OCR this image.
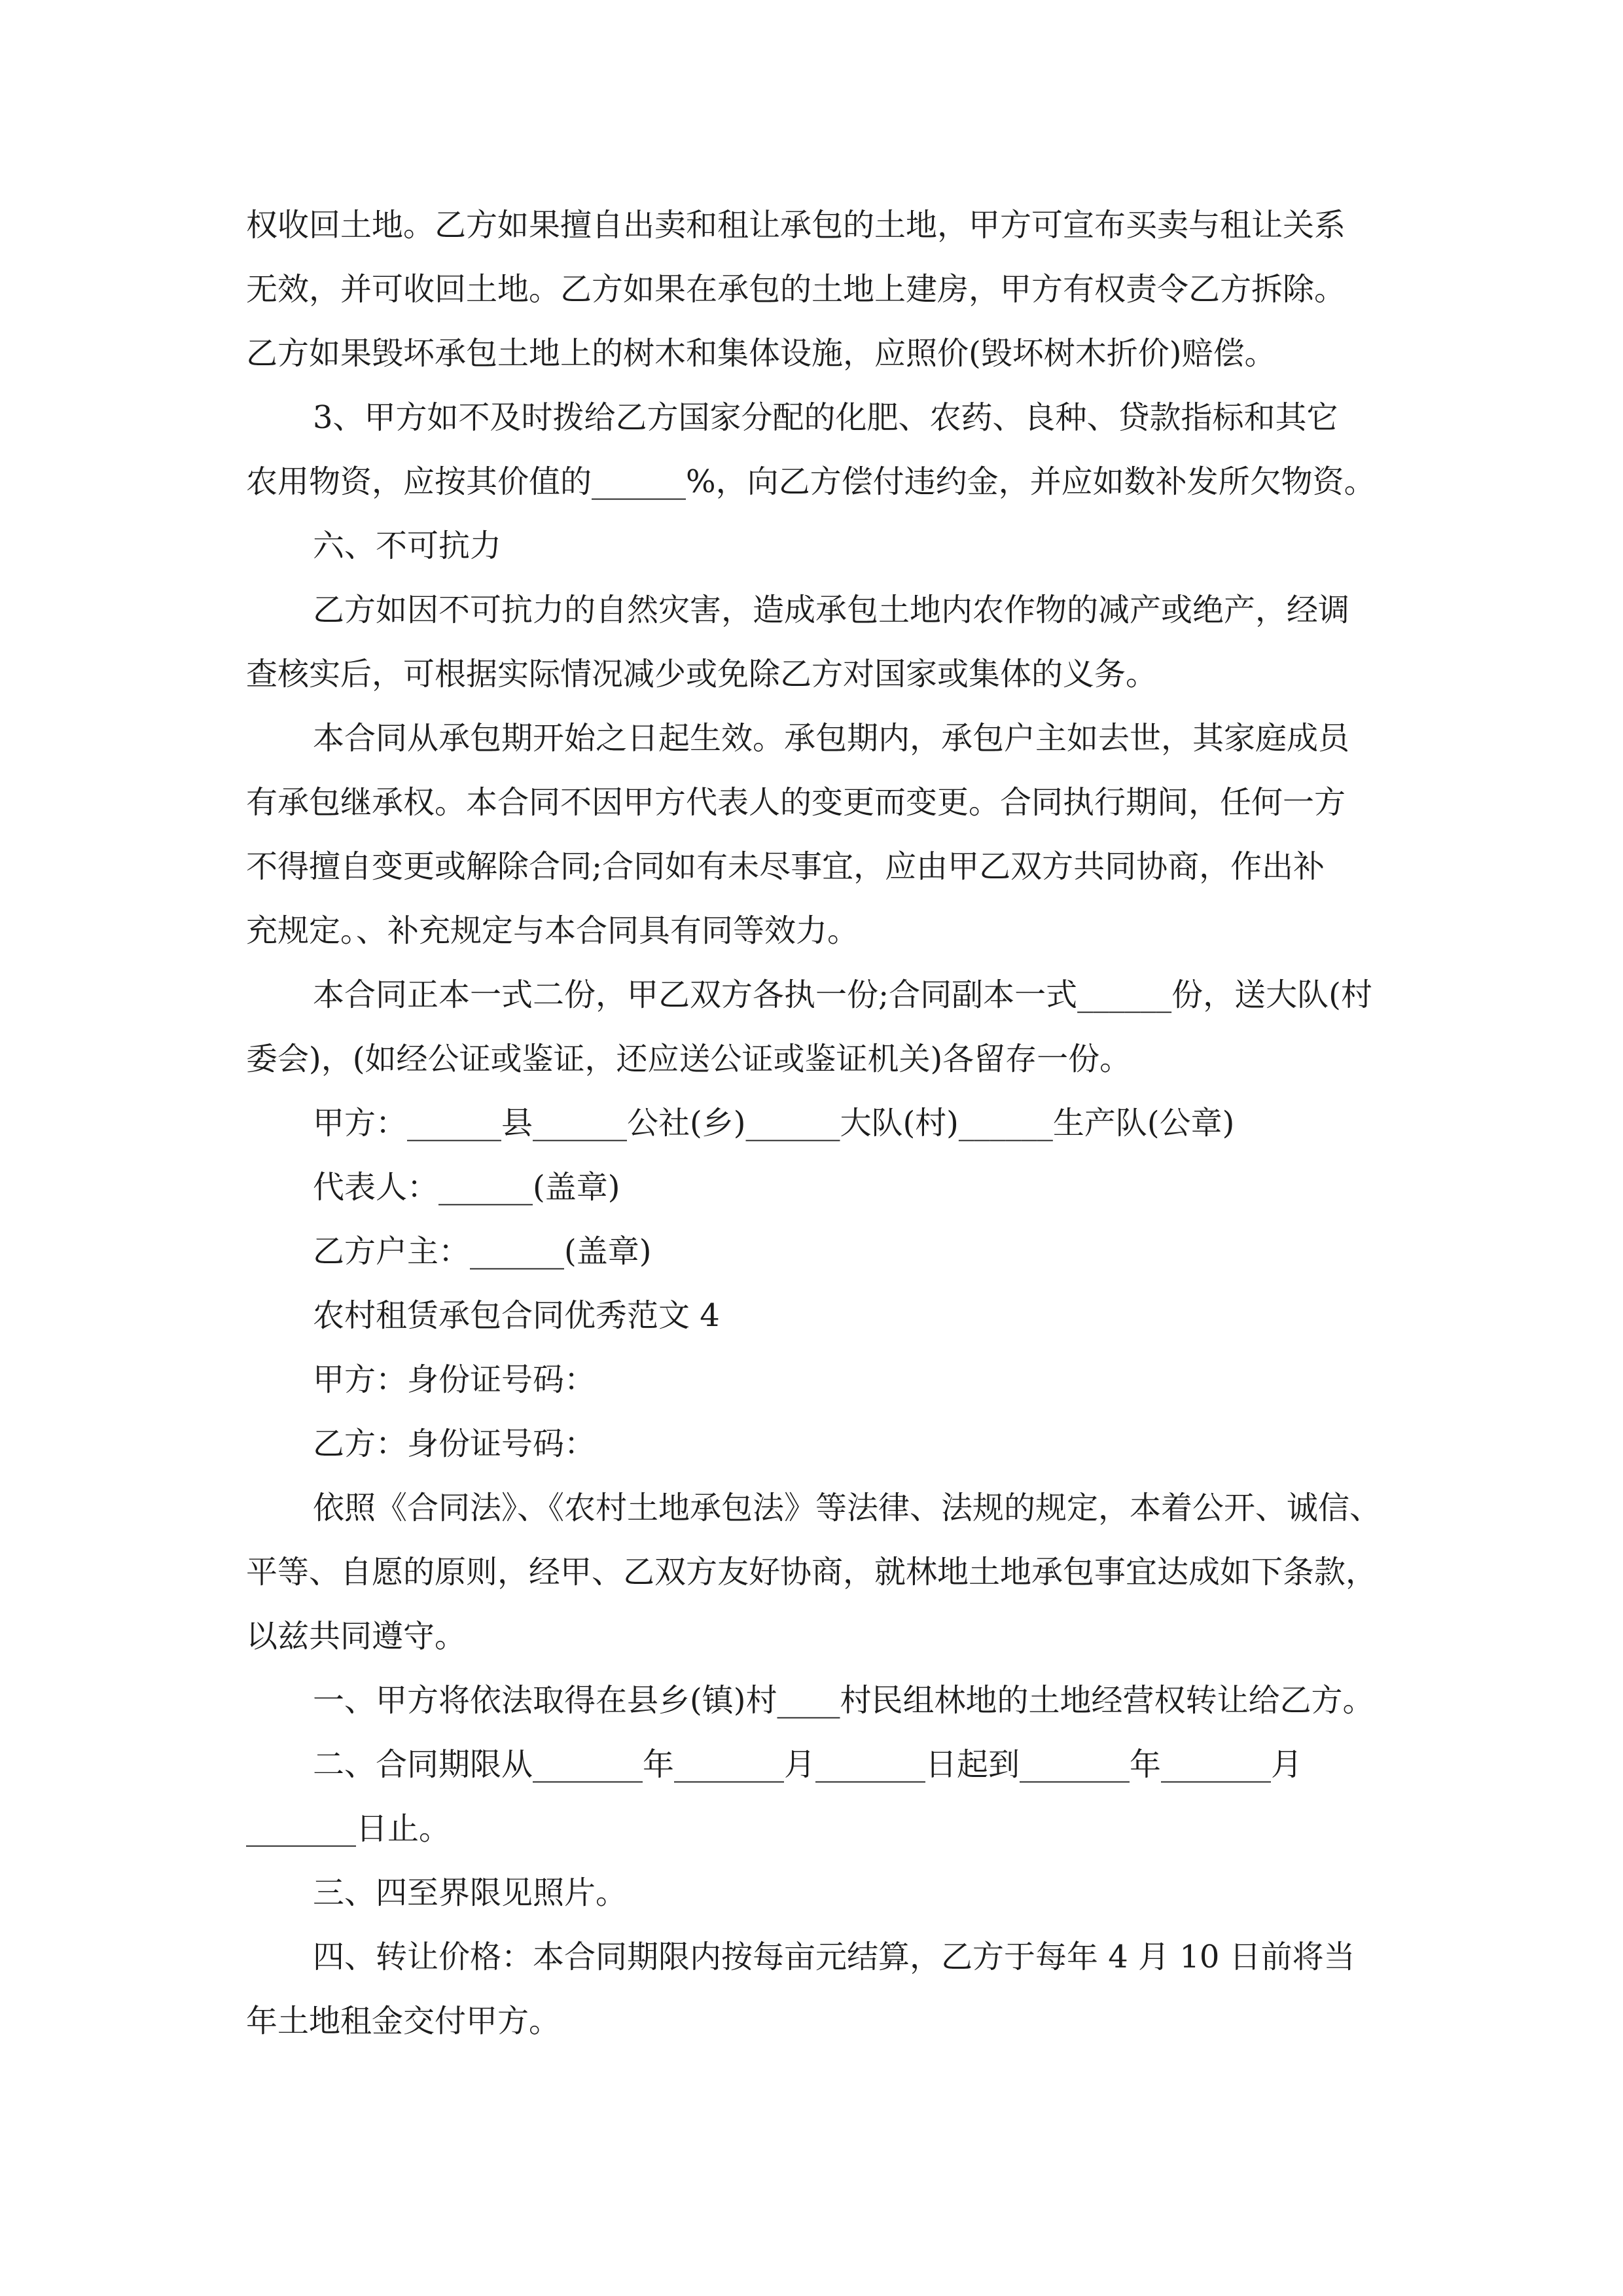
权收回土地。乙方如果擅自出卖和租让承包的土地，甲方可宣布买卖与租让关系

无效，并可收回土地。乙方如果在承包的土地上建房，甲方有权责令乙方拆除。

乙方如果毁坏承包土地上的树木和集体设施，应照价(毁坏树木折价)赔偿。

3、甲方如不及时拨给乙方国家分配的化肥、农药、良种、贷款指标和其它

农用物资，应按其价值的______%，向乙方偿付违约金，并应如数补发所欠物资。

六、不可抗力

乙方如因不可抗力的自然灾害，造成承包土地内农作物的减产或绝产，经调

查核实后，可根据实际情况减少或免除乙方对国家或集体的义务。

本合同从承包期开始之日起生效。承包期内，承包户主如去世，其家庭成员

有承包继承权。本合同不因甲方代表人的变更而变更。合同执行期间，任何一方

不得擅自变更或解除合同;合同如有未尽事宜，应由甲乙双方共同协商，作出补

充规定。、补充规定与本合同具有同等效力。

本合同正本一式二份，甲乙双方各执一份;合同副本一式______份，送大队(村

委会)，(如经公证或鉴证，还应送公证或鉴证机关)各留存一份。

甲方：______县______公社(乡)______大队(村)______生产队(公章)

代表人：______(盖章)

乙方户主：______(盖章)

农村租赁承包合同优秀范文 4

甲方：身份证号码：

乙方：身份证号码：

依照《合同法》、《农村土地承包法》等法律、法规的规定，本着公开、诚信、

平等、自愿的原则，经甲、乙双方友好协商，就林地土地承包事宜达成如下条款，

以兹共同遵守。

一、甲方将依法取得在县乡(镇)村____村民组林地的土地经营权转让给乙方。

二、合同期限从_______年_______月_______日起到_______年_______月

_______日止。

三、四至界限见照片。

四、转让价格：本合同期限内按每亩元结算，乙方于每年 4 月 10 日前将当

年土地租金交付甲方。
